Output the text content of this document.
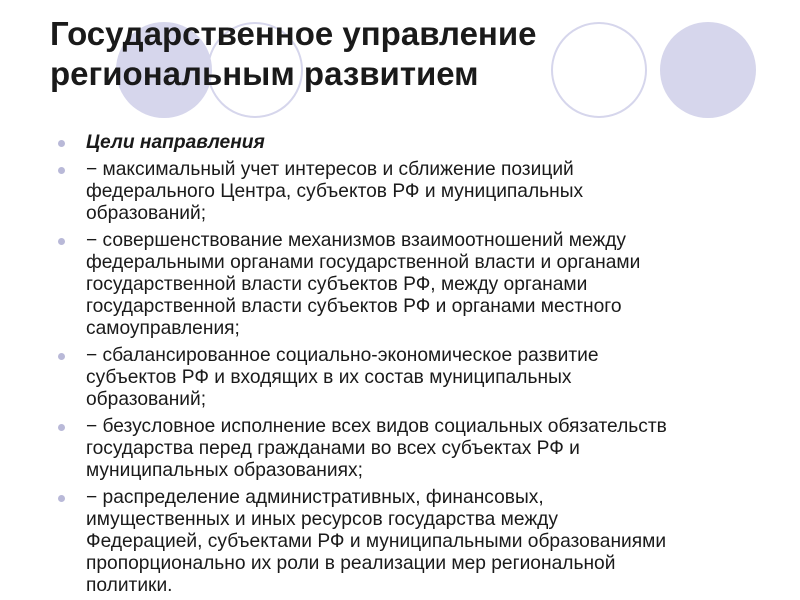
Государственное управление
региональным развитием
Цели направления
− максимальный учет интересов и сближение позиций
федерального Центра, субъектов РФ и муниципальных
образований;
− совершенствование механизмов взаимоотношений между
федеральными органами государственной власти и органами
государственной власти субъектов РФ, между органами
государственной власти субъектов РФ и органами местного
самоуправления;
− сбалансированное социально-экономическое развитие
субъектов РФ и входящих в их состав муниципальных
образований;
− безусловное исполнение всех видов социальных обязательств
государства перед гражданами во всех субъектах РФ и
муниципальных образованиях;
− распределение административных, финансовых,
имущественных и иных ресурсов государства между
Федерацией, субъектами РФ и муниципальными образованиями
пропорционально их роли в реализации мер региональной
политики.
